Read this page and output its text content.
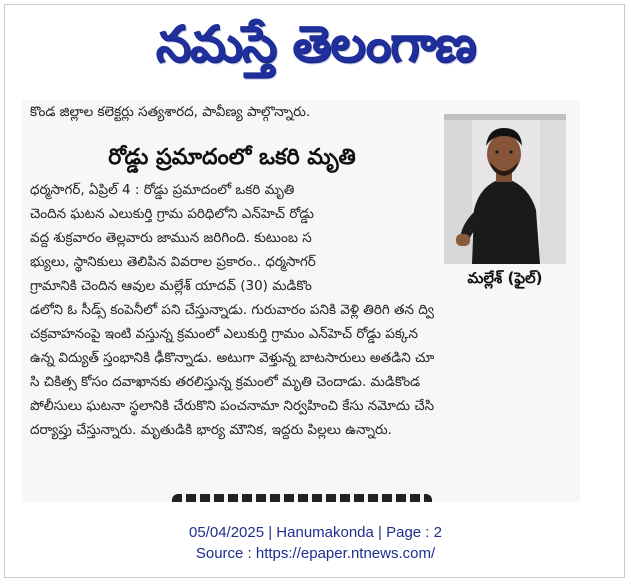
నమస్తే తెలంగాణ
కొండ జిల్లాల కలెక్టర్లు సత్యశారద, పావీణ్య పాల్గొన్నారు.
రోడ్డు ప్రమాదంలో ఒకరి మృతి
మల్లేశ్ (ఫైల్)
ధర్మసాగర్, ఏప్రిల్ 4 : రోడ్డు ప్రమాదంలో ఒకరి మృతి
చెందిన ఘటన ఎలుకుర్తి గ్రామ పరిధిలోని ఎన్‌హెచ్ రోడ్డు
వద్ద శుక్రవారం తెల్లవారు జామున జరిగింది. కుటుంబ స
భ్యులు, స్థానికులు తెలిపిన వివరాల ప్రకారం.. ధర్మసాగర్
గ్రామానికి చెందిన ఆవుల మల్లేశ్ యాదవ్ (30) మడికొం
డలోని ఓ సీడ్స్ కంపెనీలో పని చేస్తున్నాడు. గురువారం పనికి వెళ్లి తిరిగి తన ద్వి
చక్రవాహనంపై ఇంటి వస్తున్న క్రమంలో ఎలుకుర్తి గ్రామం ఎన్‌హెచ్ రోడ్డు పక్కన
ఉన్న విద్యుత్ స్తంభానికి ఢీకొన్నాడు. అటుగా వెళ్తున్న బాటసారులు అతడిని చూ
సి చికిత్స కోసం దవాఖానకు తరలిస్తున్న క్రమంలో మృతి చెందాడు. మడికొండ
పోలీసులు ఘటనా స్థలానికి చేరుకొని పంచనామా నిర్వహించి కేసు నమోదు చేసి
దర్యాప్తు చేస్తున్నారు. మృతుడికి భార్య మౌనిక, ఇద్దరు పిల్లలు ఉన్నారు.
05/04/2025 | Hanumakonda | Page : 2
Source : https://epaper.ntnews.com/
